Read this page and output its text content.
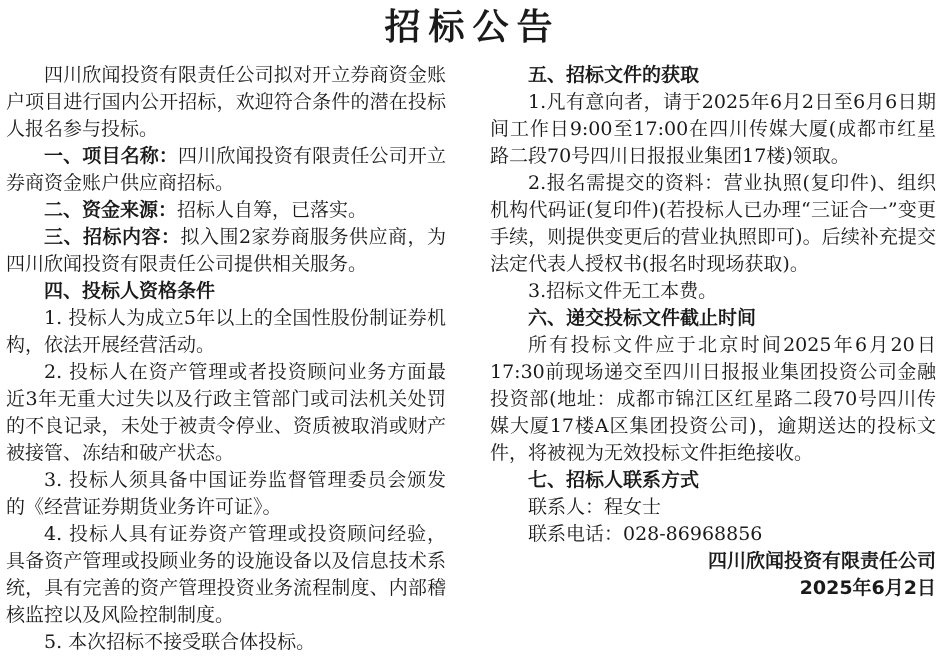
招标公告

四川欣闻投资有限责任公司拟对开立券商资金账户项目进行国内公开招标，欢迎符合条件的潜在投标人报名参与投标。

一、项目名称：四川欣闻投资有限责任公司开立券商资金账户供应商招标。

二、资金来源：招标人自筹，已落实。

三、招标内容：拟入围2家券商服务供应商，为四川欣闻投资有限责任公司提供相关服务。

四、投标人资格条件

1. 投标人为成立5年以上的全国性股份制证券机构，依法开展经营活动。

2. 投标人在资产管理或者投资顾问业务方面最近3年无重大过失以及行政主管部门或司法机关处罚的不良记录，未处于被责令停业、资质被取消或财产被接管、冻结和破产状态。

3. 投标人须具备中国证券监督管理委员会颁发的《经营证券期货业务许可证》。

4. 投标人具有证券资产管理或投资顾问经验，具备资产管理或投顾业务的设施设备以及信息技术系统，具有完善的资产管理投资业务流程制度、内部稽核监控以及风险控制制度。

5. 本次招标不接受联合体投标。

五、招标文件的获取

1.凡有意向者，请于2025年6月2日至6月6日期间工作日9:00至17:00在四川传媒大厦(成都市红星路二段70号四川日报报业集团17楼)领取。

2.报名需提交的资料：营业执照(复印件)、组织机构代码证(复印件)(若投标人已办理“三证合一”变更手续，则提供变更后的营业执照即可)。后续补充提交法定代表人授权书(报名时现场获取)。

3.招标文件无工本费。

六、递交投标文件截止时间

所有投标文件应于北京时间2025年6月20日17:30前现场递交至四川日报报业集团投资公司金融投资部(地址：成都市锦江区红星路二段70号四川传媒大厦17楼A区集团投资公司)，逾期送达的投标文件，将被视为无效投标文件拒绝接收。

七、招标人联系方式

联系人：程女士

联系电话：028-86968856

四川欣闻投资有限责任公司

2025年6月2日
